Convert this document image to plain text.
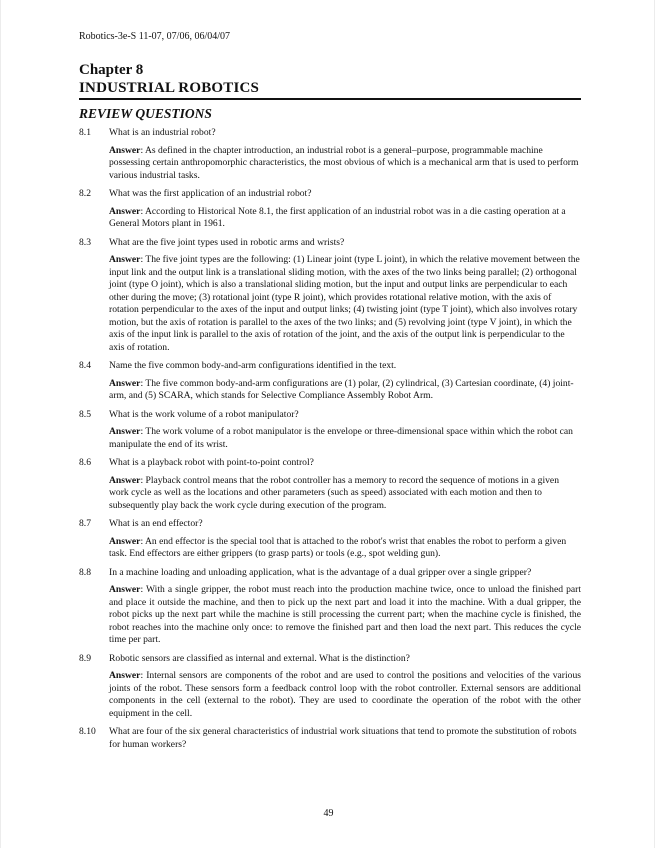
Robotics-3e-S 11-07, 07/06, 06/04/07
Chapter 8
INDUSTRIAL ROBOTICS
REVIEW QUESTIONS
8.1	What is an industrial robot?
Answer: As defined in the chapter introduction, an industrial robot is a general–purpose, programmable machine possessing certain anthropomorphic characteristics, the most obvious of which is a mechanical arm that is used to perform various industrial tasks.
8.2	What was the first application of an industrial robot?
Answer: According to Historical Note 8.1, the first application of an industrial robot was in a die casting operation at a General Motors plant in 1961.
8.3	What are the five joint types used in robotic arms and wrists?
Answer: The five joint types are the following: (1) Linear joint (type L joint), in which the relative movement between the input link and the output link is a translational sliding motion, with the axes of the two links being parallel; (2) orthogonal joint (type O joint), which is also a translational sliding motion, but the input and output links are perpendicular to each other during the move; (3) rotational joint (type R joint), which provides rotational relative motion, with the axis of rotation perpendicular to the axes of the input and output links; (4) twisting joint (type T joint), which also involves rotary motion, but the axis of rotation is parallel to the axes of the two links; and (5) revolving joint (type V joint), in which the axis of the input link is parallel to the axis of rotation of the joint, and the axis of the output link is perpendicular to the axis of rotation.
8.4	Name the five common body-and-arm configurations identified in the text.
Answer: The five common body-and-arm configurations are (1) polar, (2) cylindrical, (3) Cartesian coordinate, (4) joint-arm, and (5) SCARA, which stands for Selective Compliance Assembly Robot Arm.
8.5	What is the work volume of a robot manipulator?
Answer: The work volume of a robot manipulator is the envelope or three-dimensional space within which the robot can manipulate the end of its wrist.
8.6	What is a playback robot with point-to-point control?
Answer: Playback control means that the robot controller has a memory to record the sequence of motions in a given work cycle as well as the locations and other parameters (such as speed) associated with each motion and then to subsequently play back the work cycle during execution of the program.
8.7	What is an end effector?
Answer: An end effector is the special tool that is attached to the robot's wrist that enables the robot to perform a given task. End effectors are either grippers (to grasp parts) or tools (e.g., spot welding gun).
8.8	In a machine loading and unloading application, what is the advantage of a dual gripper over a single gripper?
Answer: With a single gripper, the robot must reach into the production machine twice, once to unload the finished part and place it outside the machine, and then to pick up the next part and load it into the machine. With a dual gripper, the robot picks up the next part while the machine is still processing the current part; when the machine cycle is finished, the robot reaches into the machine only once: to remove the finished part and then load the next part. This reduces the cycle time per part.
8.9	Robotic sensors are classified as internal and external. What is the distinction?
Answer: Internal sensors are components of the robot and are used to control the positions and velocities of the various joints of the robot. These sensors form a feedback control loop with the robot controller. External sensors are additional components in the cell (external to the robot). They are used to coordinate the operation of the robot with the other equipment in the cell.
8.10	What are four of the six general characteristics of industrial work situations that tend to promote the substitution of robots for human workers?
49
